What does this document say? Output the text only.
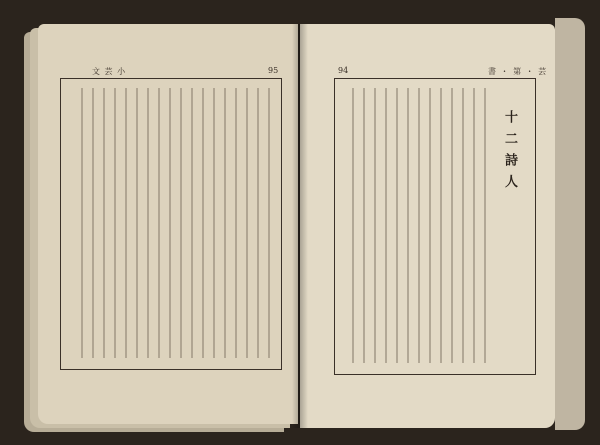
文 芸 小	95	94	書 ・ 第 ・ 芸
十 二 詩 人
